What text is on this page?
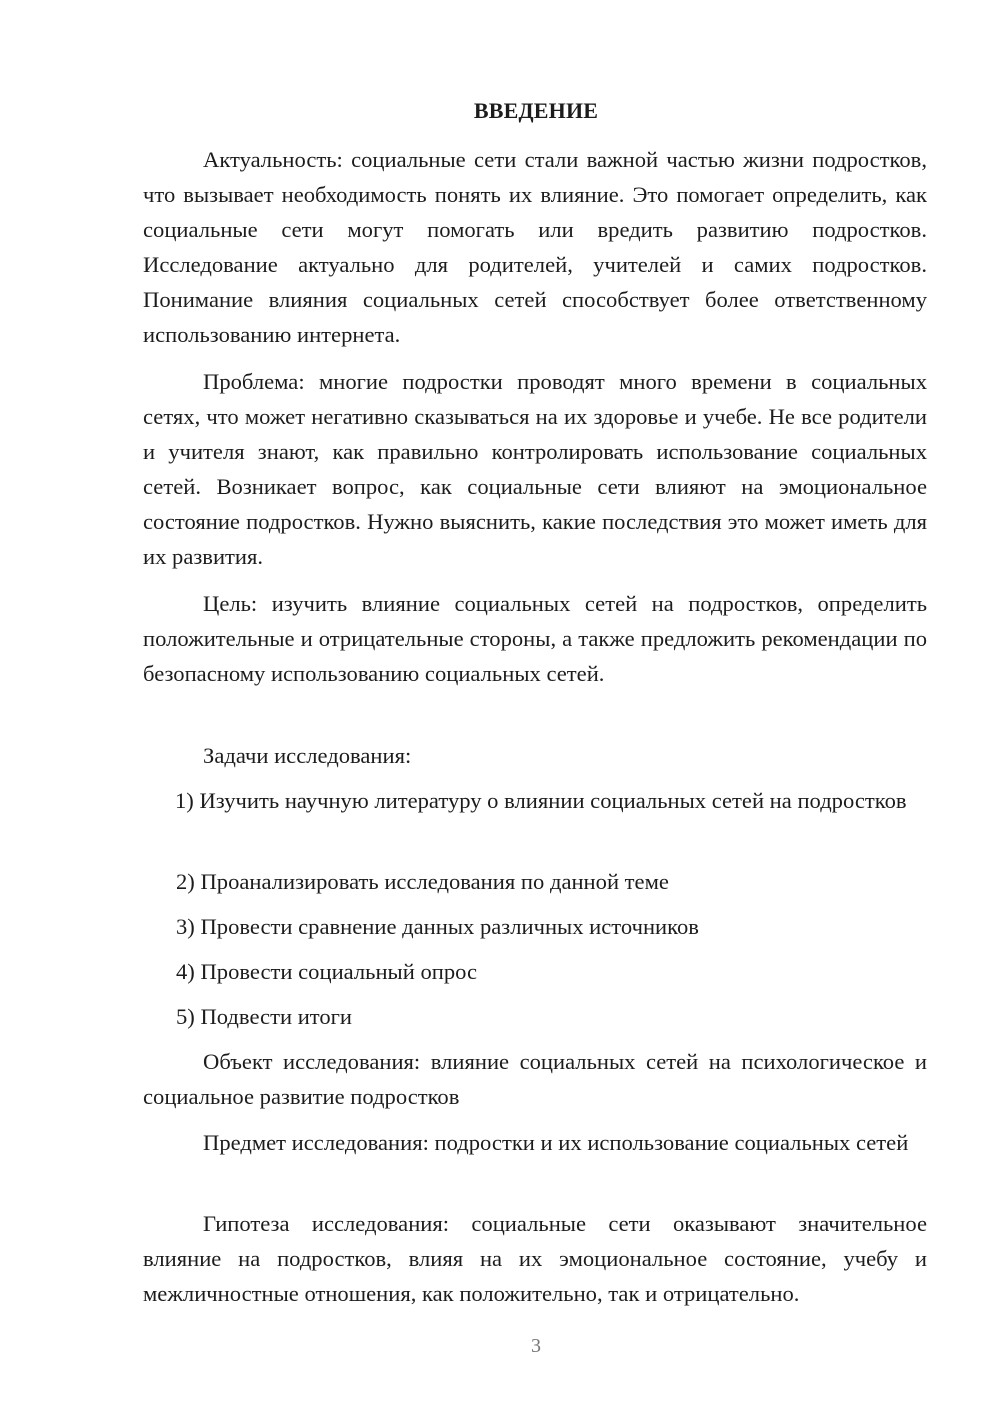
ВВЕДЕНИЕ

Актуальность: социальные сети стали важной частью жизни подростков, что вызывает необходимость понять их влияние. Это помогает определить, как социальные сети могут помогать или вредить развитию подростков. Исследование актуально для родителей, учителей и самих подростков. Понимание влияния социальных сетей способствует более ответственному использованию интернета.

Проблема: многие подростки проводят много времени в социальных сетях, что может негативно сказываться на их здоровье и учебе. Не все родители и учителя знают, как правильно контролировать использование социальных сетей. Возникает вопрос, как социальные сети влияют на эмоциональное состояние подростков. Нужно выяснить, какие последствия это может иметь для их развития.

Цель: изучить влияние социальных сетей на подростков, определить положительные и отрицательные стороны, а также предложить рекомендации по безопасному использованию социальных сетей.

Задачи исследования:

1) Изучить научную литературу о влиянии социальных сетей на подростков

2) Проанализировать исследования по данной теме

3) Провести сравнение данных различных источников

4) Провести социальный опрос

5) Подвести итоги

Объект исследования: влияние социальных сетей на психологическое и социальное развитие подростков

Предмет исследования: подростки и их использование социальных сетей

Гипотеза исследования: социальные сети оказывают значительное влияние на подростков, влияя на их эмоциональное состояние, учебу и межличностные отношения, как положительно, так и отрицательно.

3
